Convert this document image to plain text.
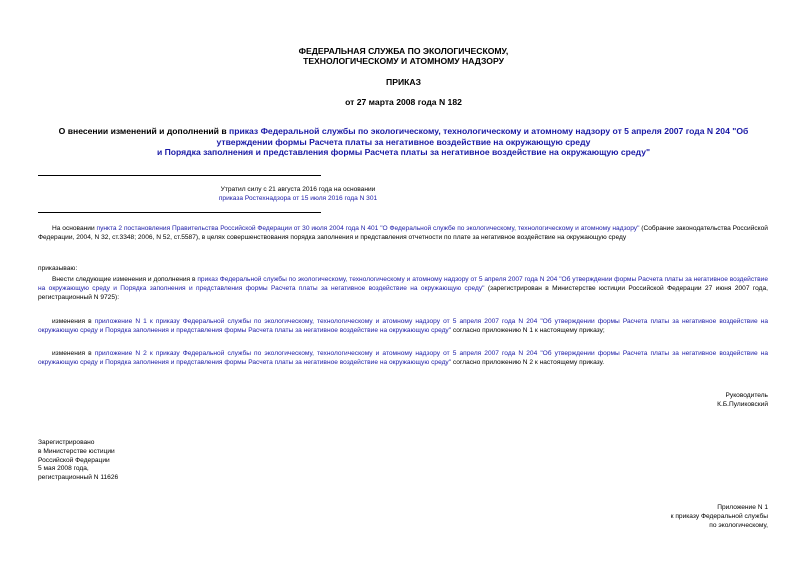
ФЕДЕРАЛЬНАЯ СЛУЖБА ПО ЭКОЛОГИЧЕСКОМУ,
ТЕХНОЛОГИЧЕСКОМУ И АТОМНОМУ НАДЗОРУ
ПРИКАЗ
от 27 марта 2008 года N 182
О внесении изменений и дополнений в приказ Федеральной службы по экологическому, технологическому и атомному надзору от 5 апреля 2007 года N 204 "Об
утверждении формы Расчета платы за негативное воздействие на окружающую среду
и Порядка заполнения и представления формы Расчета платы за негативное воздействие на окружающую среду"
Утратил силу с 21 августа 2016 года на основании
приказа Ростехнадзора от 15 июля 2016 года N 301
На основании пункта 2 постановления Правительства Российской Федерации от 30 июля 2004 года N 401 "О Федеральной службе по экологическому, технологическому и атомному надзору" (Собрание законодательства Российской Федерации, 2004, N 32, ст.3348; 2006, N 52, ст.5587), в целях совершенствования порядка заполнения и представления отчетности по плате за негативное воздействие на окружающую среду
приказываю:
Внести следующие изменения и дополнения в приказ Федеральной службы по экологическому, технологическому и атомному надзору от 5 апреля 2007 года N 204 "Об утверждении формы Расчета платы за негативное воздействие на окружающую среду и Порядка заполнения и представления формы Расчета платы за негативное воздействие на окружающую среду" (зарегистрирован в Министерстве юстиции Российской Федерации 27 июня 2007 года, регистрационный N 9725):
изменения в приложение N 1 к приказу Федеральной службы по экологическому, технологическому и атомному надзору от 5 апреля 2007 года N 204 "Об утверждении формы Расчета платы за негативное воздействие на окружающую среду и Порядка заполнения и представления формы Расчета платы за негативное воздействие на окружающую среду" согласно приложению N 1 к настоящему приказу;
изменения в приложение N 2 к приказу Федеральной службы по экологическому, технологическому и атомному надзору от 5 апреля 2007 года N 204 "Об утверждении формы Расчета платы за негативное воздействие на окружающую среду и Порядка заполнения и представления формы Расчета платы за негативное воздействие на окружающую среду" согласно приложению N 2 к настоящему приказу.
Руководитель
К.Б.Пуликовский
Зарегистрировано
в Министерстве юстиции
Российской Федерации
5 мая 2008 года,
регистрационный N 11626
Приложение N 1
к приказу Федеральной службы
по экологическому,
